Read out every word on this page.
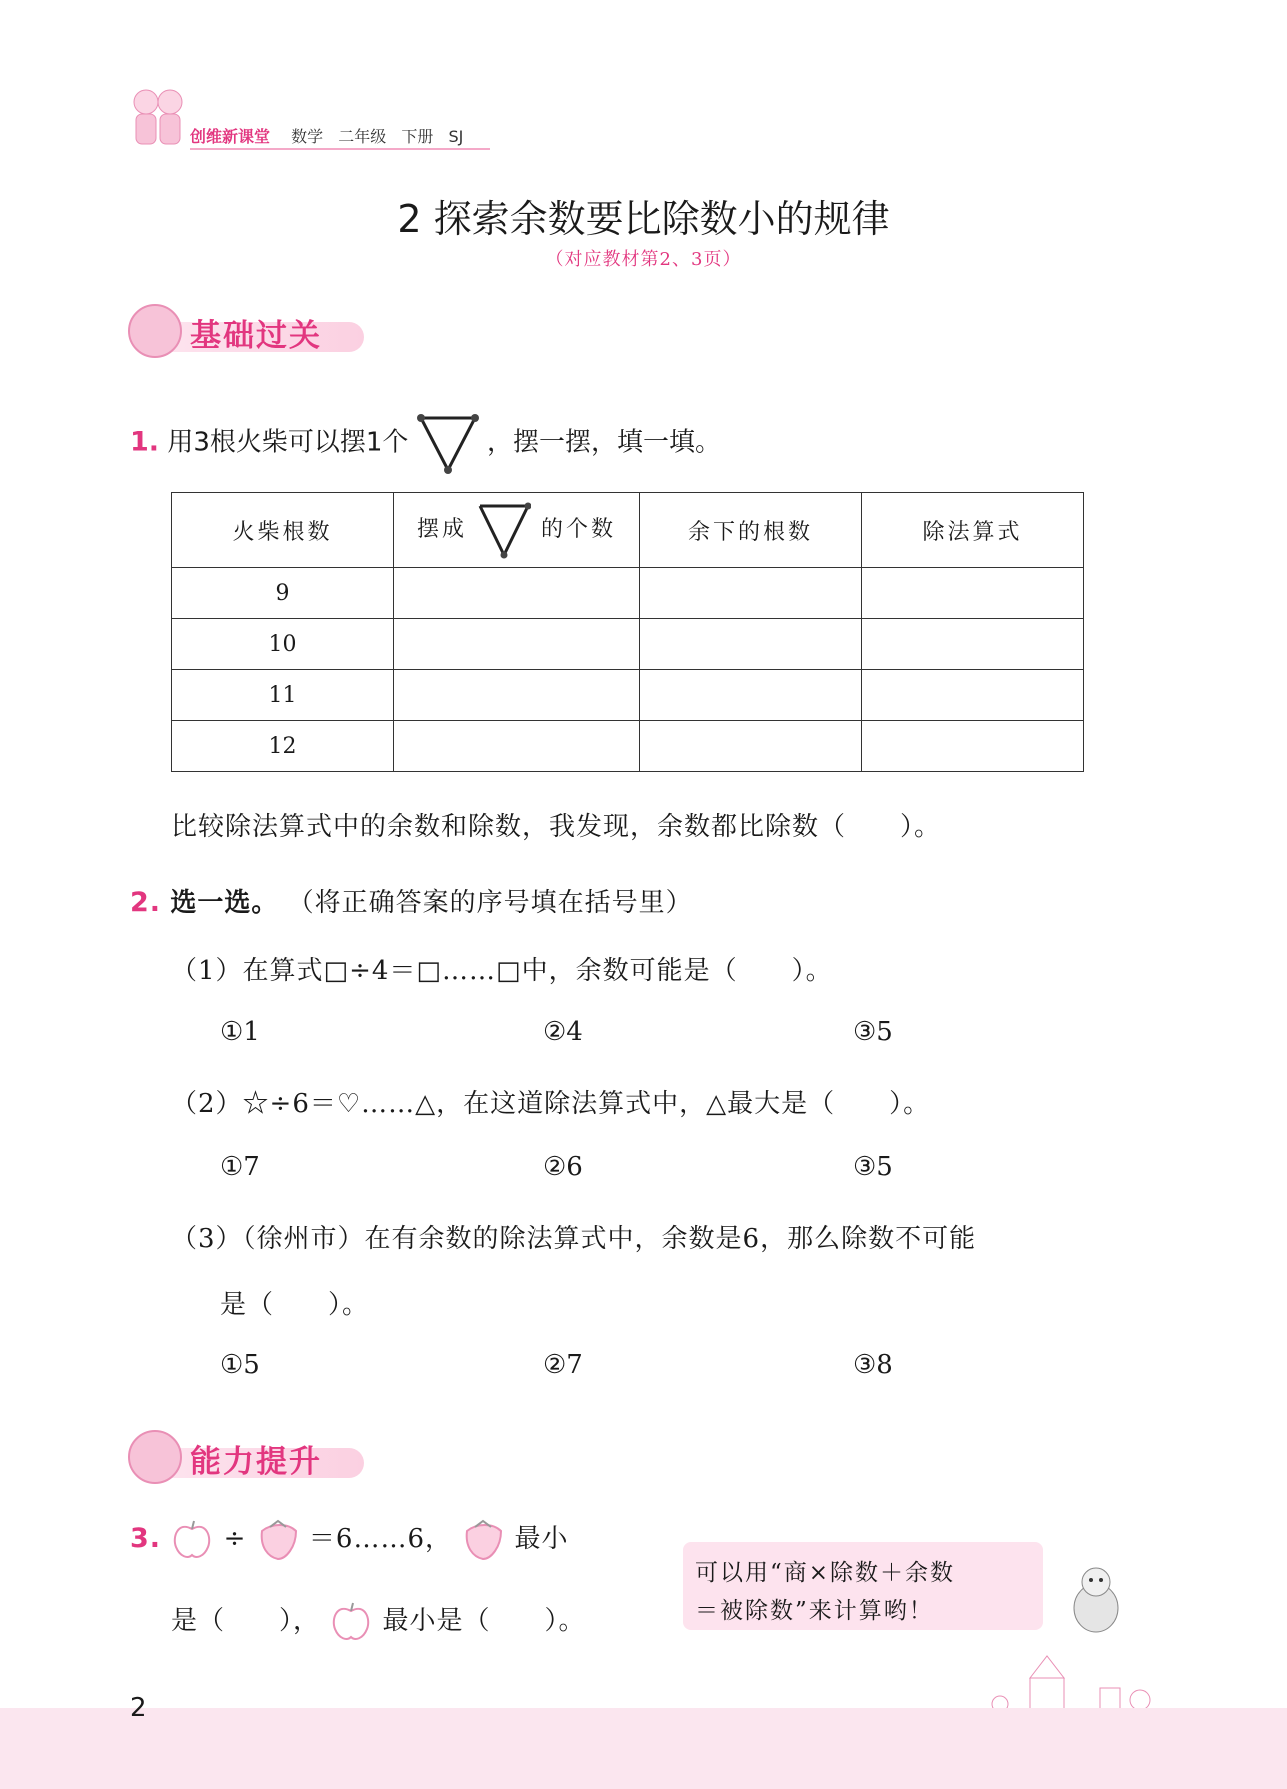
创维新课堂 数学 二年级 下册 SJ
2 探索余数要比除数小的规律
（对应教材第2、3页）
基础过关
1. 用3根火柴可以摆1个	，摆一摆，填一填。
火柴根数	摆成 的个数	余下的根数	除法算式
9			
10			
11			
12			
比较除法算式中的余数和除数，我发现，余数都比除数（　　）。
2. 选一选。 （将正确答案的序号填在括号里）
（1）在算式□÷4＝□……□中，余数可能是（　　）。
①1	②4	③5
（2）☆÷6＝♡……△，在这道除法算式中，△最大是（　　）。
①7	②6	③5
（3）（徐州市）在有余数的除法算式中，余数是6，那么除数不可能
是（　　）。
①5	②7	③8
能力提升
3. ÷ ＝6……6， 最小
是（　　）， 最小是（　　）。
可以用“商×除数＋余数
＝被除数”来计算哟！
2
